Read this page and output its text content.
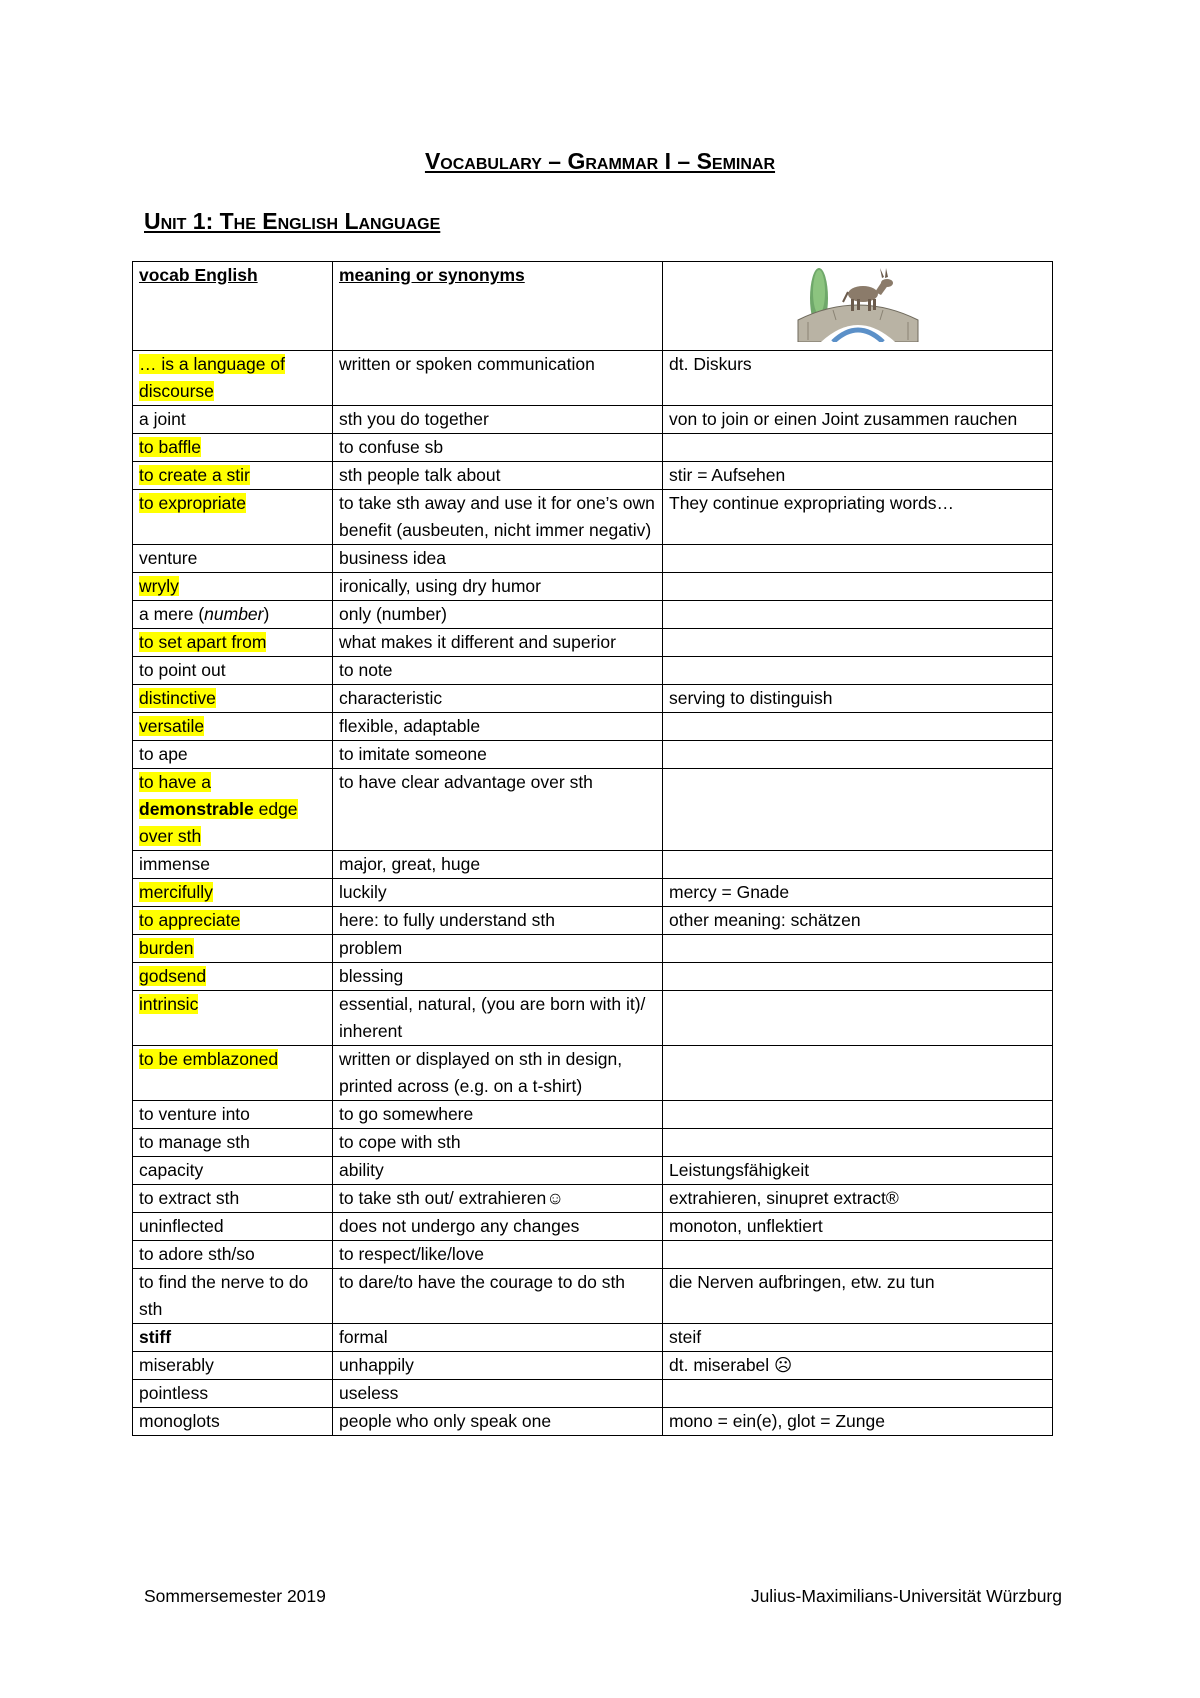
Vocabulary – Grammar I – Seminar
Unit 1: The English Language
vocab English	meaning or synonyms	
… is a language of discourse	written or spoken communication	dt. Diskurs
a joint	sth you do together	von to join or einen Joint zusammen rauchen
to baffle	to confuse sb	
to create a stir	sth people talk about	stir = Aufsehen
to expropriate	to take sth away and use it for one’s own benefit (ausbeuten, nicht immer negativ)	They continue expropriating words…
venture	business idea	
wryly	ironically, using dry humor	
a mere (number)	only (number)	
to set apart from	what makes it different and superior	
to point out	to note	
distinctive	characteristic	serving to distinguish
versatile	flexible, adaptable	
to ape	to imitate someone	
to have a demonstrable edge over sth	to have clear advantage over sth	
immense	major, great, huge	
mercifully	luckily	mercy = Gnade
to appreciate	here: to fully understand sth	other meaning: schätzen
burden	problem	
godsend	blessing	
intrinsic	essential, natural, (you are born with it)/ inherent	
to be emblazoned	written or displayed on sth in design, printed across (e.g. on a t-shirt)	
to venture into	to go somewhere	
to manage sth	to cope with sth	
capacity	ability	Leistungsfähigkeit
to extract sth	to take sth out/ extrahieren☺	extrahieren, sinupret extract®
uninflected	does not undergo any changes	monoton, unflektiert
to adore sth/so	to respect/like/love	
to find the nerve to do sth	to dare/to have the courage to do sth	die Nerven aufbringen, etw. zu tun
stiff	formal	steif
miserably	unhappily	dt. miserabel ☹
pointless	useless	
monoglots	people who only speak one	mono = ein(e), glot = Zunge
Sommersemester 2019	Julius-Maximilians-Universität Würzburg
